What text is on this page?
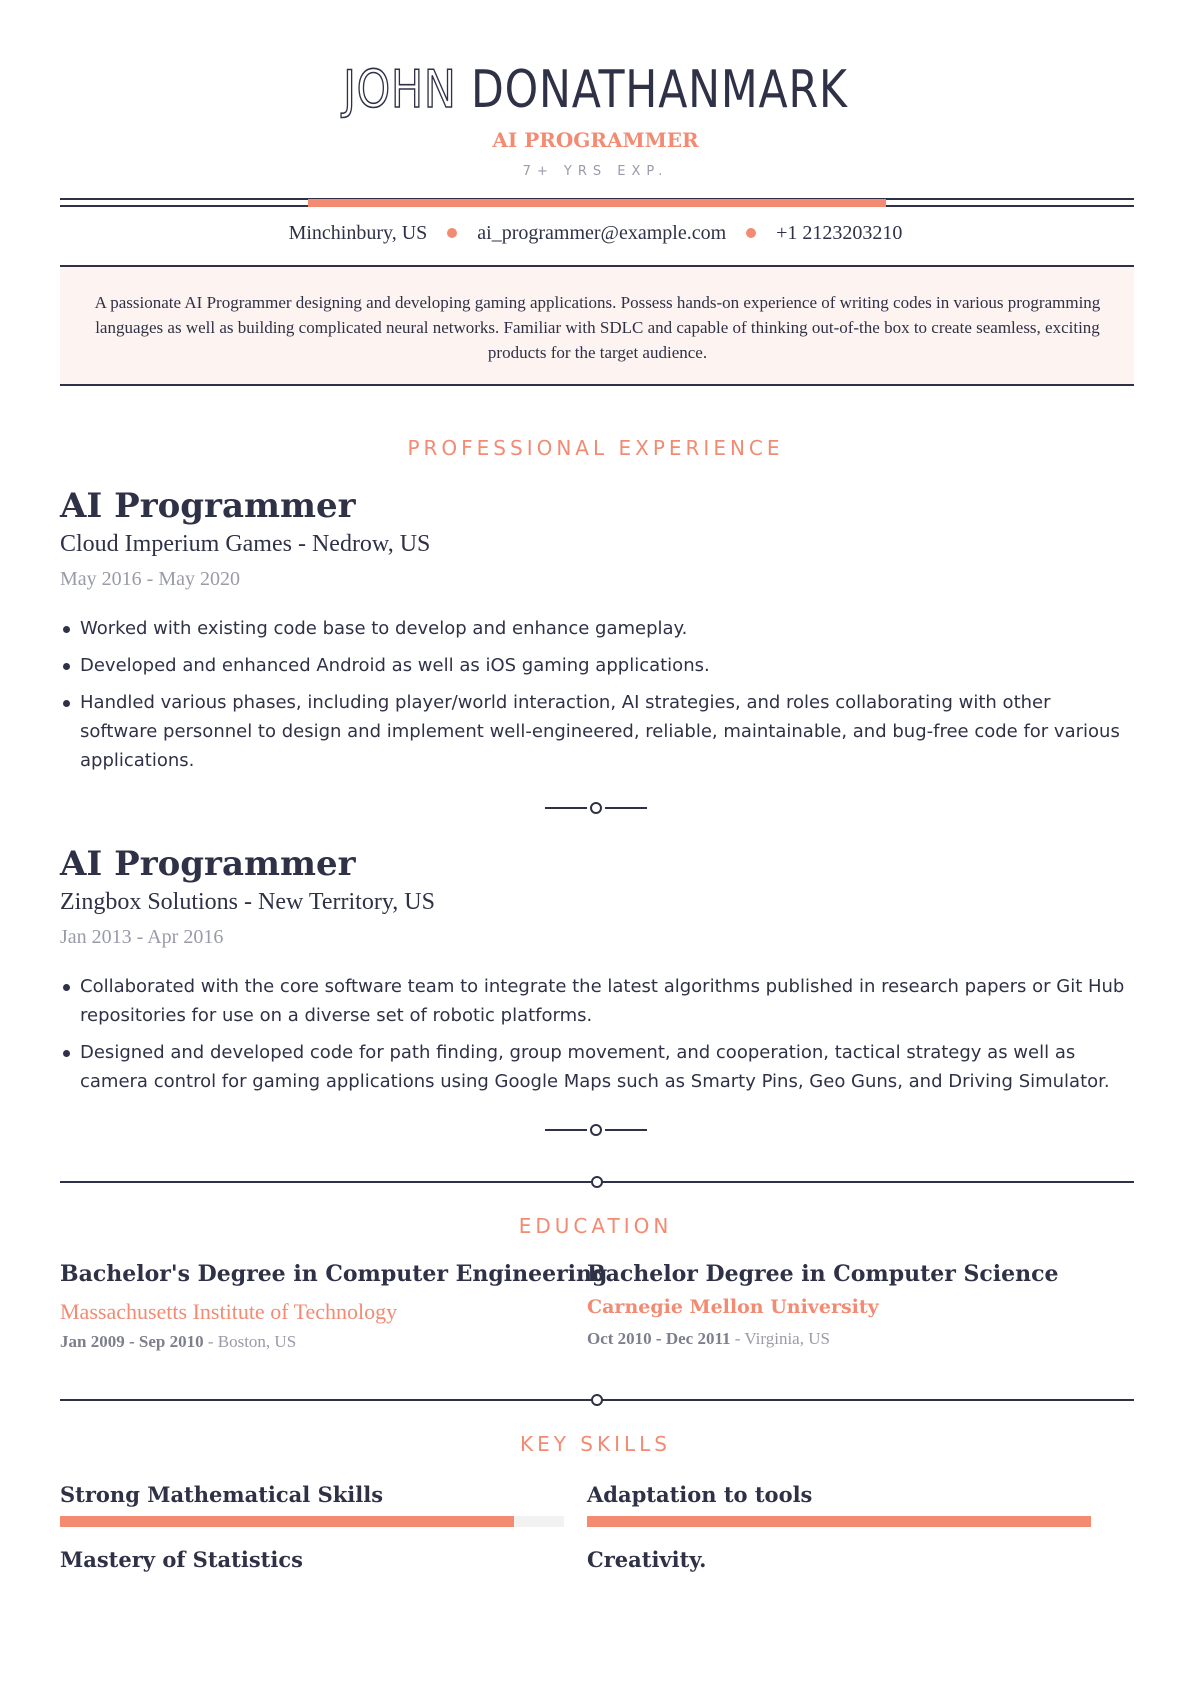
JOHN DONATHANMARK
AI PROGRAMMER
7+ YRS EXP.
Minchinbury, US	ai_programmer@example.com	+1 2123203210
A passionate AI Programmer designing and developing gaming applications. Possess hands-on experience of writing codes in various programming languages as well as building complicated neural networks. Familiar with SDLC and capable of thinking out-of-the box to create seamless, exciting products for the target audience.
PROFESSIONAL EXPERIENCE
AI Programmer
Cloud Imperium Games - Nedrow, US
May 2016 - May 2020
Worked with existing code base to develop and enhance gameplay.
Developed and enhanced Android as well as iOS gaming applications.
Handled various phases, including player/world interaction, AI strategies, and roles collaborating with other software personnel to design and implement well-engineered, reliable, maintainable, and bug-free code for various applications.
AI Programmer
Zingbox Solutions - New Territory, US
Jan 2013 - Apr 2016
Collaborated with the core software team to integrate the latest algorithms published in research papers or Git Hub repositories for use on a diverse set of robotic platforms.
Designed and developed code for path finding, group movement, and cooperation, tactical strategy as well as camera control for gaming applications using Google Maps such as Smarty Pins, Geo Guns, and Driving Simulator.
EDUCATION
Bachelor's Degree in Computer Engineering
Massachusetts Institute of Technology
Jan 2009 - Sep 2010 - Boston, US
Bachelor Degree in Computer Science
Carnegie Mellon University
Oct 2010 - Dec 2011 - Virginia, US
KEY SKILLS
Strong Mathematical Skills	Adaptation to tools
Mastery of Statistics	Creativity.
